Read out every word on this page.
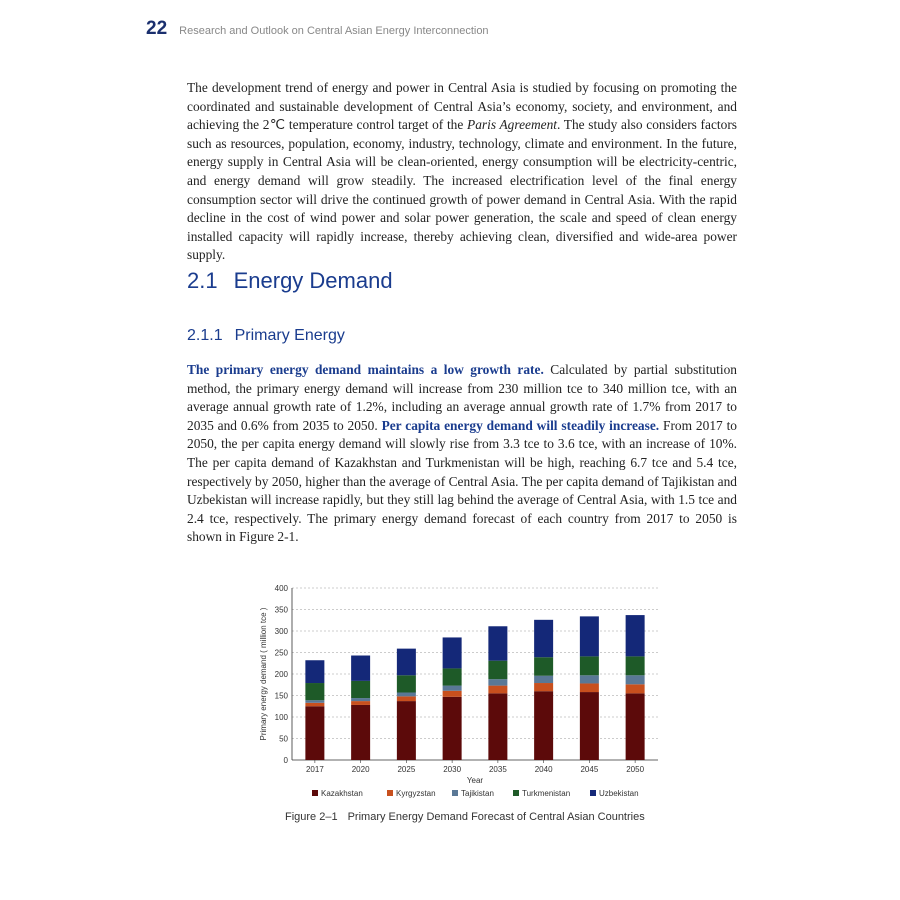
22 Research and Outlook on Central Asian Energy Interconnection
The development trend of energy and power in Central Asia is studied by focusing on promoting the coordinated and sustainable development of Central Asia’s economy, society, and environment, and achieving the 2℃ temperature control target of the Paris Agreement. The study also considers factors such as resources, population, economy, industry, technology, climate and environment. In the future, energy supply in Central Asia will be clean-oriented, energy consumption will be electricity-centric, and energy demand will grow steadily. The increased electrification level of the final energy consumption sector will drive the continued growth of power demand in Central Asia. With the rapid decline in the cost of wind power and solar power generation, the scale and speed of clean energy installed capacity will rapidly increase, thereby achieving clean, diversified and wide-area power supply.
2.1 Energy Demand
2.1.1 Primary Energy
The primary energy demand maintains a low growth rate. Calculated by partial substitution method, the primary energy demand will increase from 230 million tce to 340 million tce, with an average annual growth rate of 1.2%, including an average annual growth rate of 1.7% from 2017 to 2035 and 0.6% from 2035 to 2050. Per capita energy demand will steadily increase. From 2017 to 2050, the per capita energy demand will slowly rise from 3.3 tce to 3.6 tce, with an increase of 10%. The per capita demand of Kazakhstan and Turkmenistan will be high, reaching 6.7 tce and 5.4 tce, respectively by 2050, higher than the average of Central Asia. The per capita demand of Tajikistan and Uzbekistan will increase rapidly, but they still lag behind the average of Central Asia, with 1.5 tce and 2.4 tce, respectively. The primary energy demand forecast of each country from 2017 to 2050 is shown in Figure 2-1.
0
50
100
150
200
250
300
350
400
Primary energy demand ( million tce )
2017	2020	2025	2030	2035	2040	2045	2050
Year
Kazakhstan	Kyrgyzstan	Tajikistan	Turkmenistan	Uzbekistan
Figure 2–1 Primary Energy Demand Forecast of Central Asian Countries
